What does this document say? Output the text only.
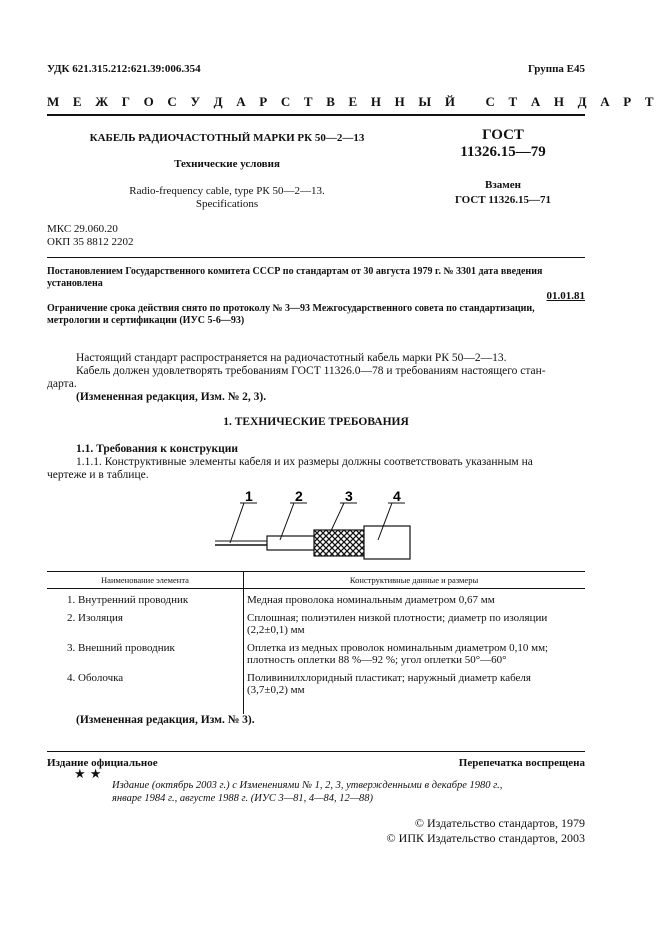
УДК 621.315.212:621.39:006.354	Группа Е45
М Е Ж Г О С У Д А Р С Т В Е Н Н Ы Й   С Т А Н Д А Р Т
КАБЕЛЬ РАДИОЧАСТОТНЫЙ МАРКИ РК 50—2—13
Технические условия
Radio-frequency cable, type РК 50—2—13.
Specifications
ГОСТ
11326.15—79
Взамен
ГОСТ 11326.15—71
МКС 29.060.20
ОКП 35 8812 2202
Постановлением Государственного комитета СССР по стандартам от 30 августа 1979 г. № 3301 дата введения
установлена
01.01.81
Ограничение срока действия снято по протоколу № 3—93 Межгосударственного совета по стандартизации,
метрологии и сертификации (ИУС 5-6—93)
Настоящий стандарт распространяется на радиочастотный кабель марки РК 50—2—13.
Кабель должен удовлетворять требованиям ГОСТ 11326.0—78 и требованиям настоящего стан-
дарта.
(Измененная редакция, Изм. № 2, 3).
1. ТЕХНИЧЕСКИЕ ТРЕБОВАНИЯ
1.1. Требования к конструкции
1.1.1. Конструктивные элементы кабеля и их размеры должны соответствовать указанным на
чертеже и в таблице.
1	2	3	4
Наименование элемента	Конструктивные данные и размеры
1. Внутренний проводник	Медная проволока номинальным диаметром 0,67 мм
2. Изоляция	Сплошная; полиэтилен низкой плотности; диаметр по изоляции
(2,2±0,1) мм
3. Внешний проводник	Оплетка из медных проволок номинальным диаметром 0,10 мм;
плотность оплетки 88 %—92 %; угол оплетки 50°—60°
4. Оболочка	Поливинилхлоридный пластикат; наружный диаметр кабеля
(3,7±0,2) мм
(Измененная редакция, Изм. № 3).
Издание официальное	Перепечатка воспрещена
★ ★
Издание (октябрь 2003 г.) с Изменениями № 1, 2, 3, утвержденными в декабре 1980 г.,
январе 1984 г., августе 1988 г. (ИУС 3—81, 4—84, 12—88)
© Издательство стандартов, 1979
© ИПК Издательство стандартов, 2003
